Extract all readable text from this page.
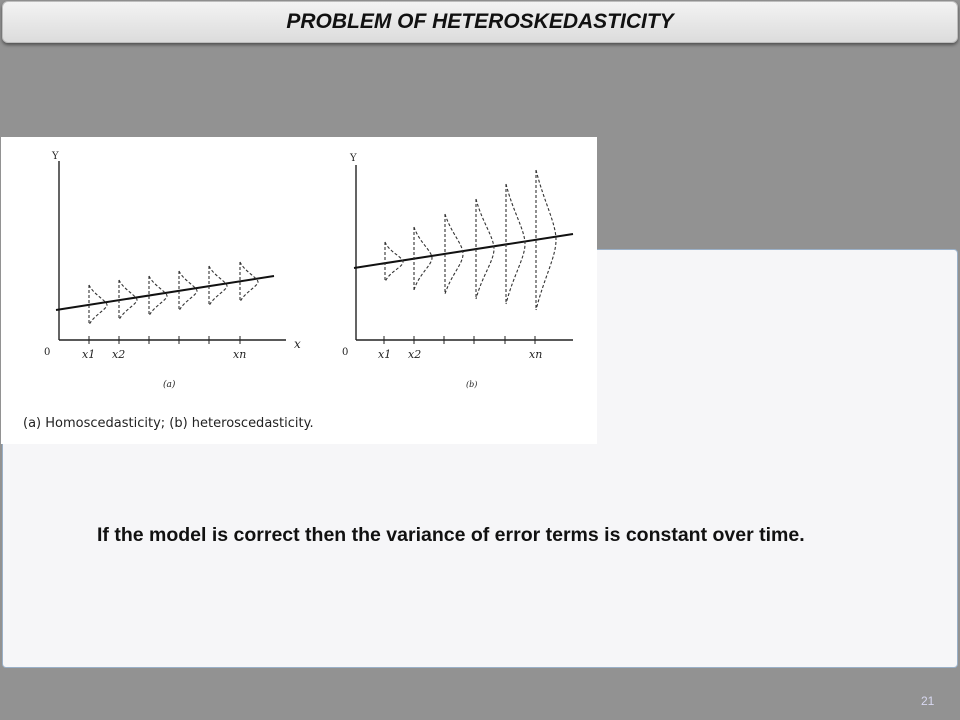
PROBLEM OF HETEROSKEDASTICITY
Y
x
0	x1 x2	xn
(a)
Y
0	x1 x2	xn
(b)
(a) Homoscedasticity; (b) heteroscedasticity.
If the model is correct then the variance of error terms is constant over time.
21
